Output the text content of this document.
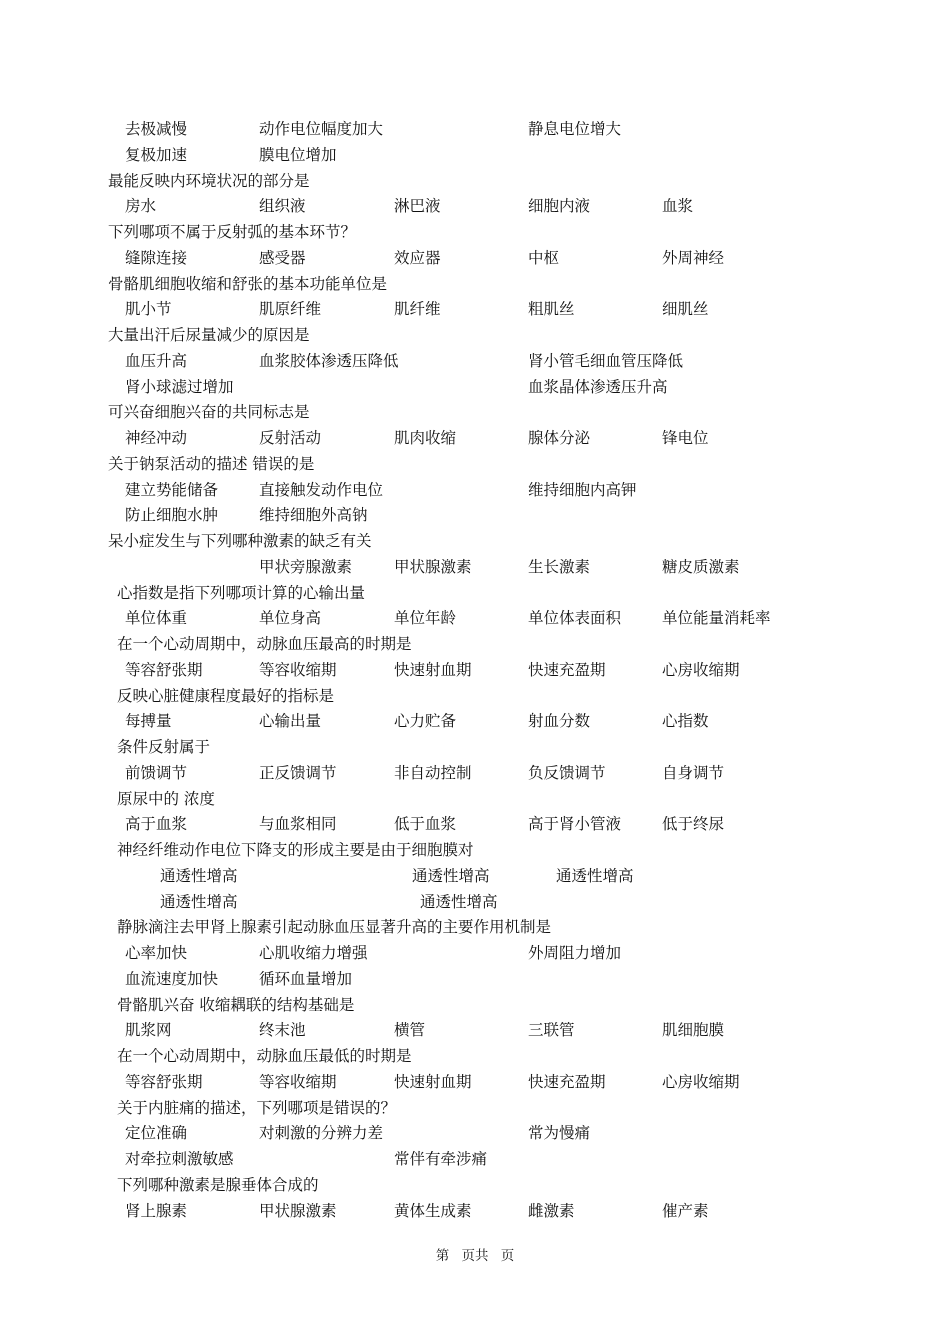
去极减慢	动作电位幅度加大	静息电位增大
复极加速	膜电位增加
最能反映内环境状况的部分是
房水	组织液	淋巴液	细胞内液	血浆
下列哪项不属于反射弧的基本环节？
缝隙连接	感受器	效应器	中枢	外周神经
骨骼肌细胞收缩和舒张的基本功能单位是
肌小节	肌原纤维	肌纤维	粗肌丝	细肌丝
大量出汗后尿量减少的原因是
血压升高	血浆胶体渗透压降低	肾小管毛细血管压降低
肾小球滤过增加	血浆晶体渗透压升高
可兴奋细胞兴奋的共同标志是
神经冲动	反射活动	肌肉收缩	腺体分泌	锋电位
关于钠泵活动的描述 错误的是
建立势能储备	直接触发动作电位	维持细胞内高钾
防止细胞水肿	维持细胞外高钠
呆小症发生与下列哪种激素的缺乏有关
甲状旁腺激素	甲状腺激素	生长激素	糖皮质激素
心指数是指下列哪项计算的心输出量
单位体重	单位身高	单位年龄	单位体表面积	单位能量消耗率
在一个心动周期中，动脉血压最高的时期是
等容舒张期	等容收缩期	快速射血期	快速充盈期	心房收缩期
反映心脏健康程度最好的指标是
每搏量	心输出量	心力贮备	射血分数	心指数
条件反射属于
前馈调节	正反馈调节	非自动控制	负反馈调节	自身调节
原尿中的 浓度
高于血浆	与血浆相同	低于血浆	高于肾小管液	低于终尿
神经纤维动作电位下降支的形成主要是由于细胞膜对
通透性增高	通透性增高	通透性增高
通透性增高	通透性增高
静脉滴注去甲肾上腺素引起动脉血压显著升高的主要作用机制是
心率加快	心肌收缩力增强	外周阻力增加
血流速度加快	循环血量增加
骨骼肌兴奋 收缩耦联的结构基础是
肌浆网	终末池	横管	三联管	肌细胞膜
在一个心动周期中，动脉血压最低的时期是
等容舒张期	等容收缩期	快速射血期	快速充盈期	心房收缩期
关于内脏痛的描述，下列哪项是错误的？
定位准确	对刺激的分辨力差	常为慢痛
对牵拉刺激敏感	常伴有牵涉痛
下列哪种激素是腺垂体合成的
肾上腺素	甲状腺激素	黄体生成素	雌激素	催产素
第 页共 页
